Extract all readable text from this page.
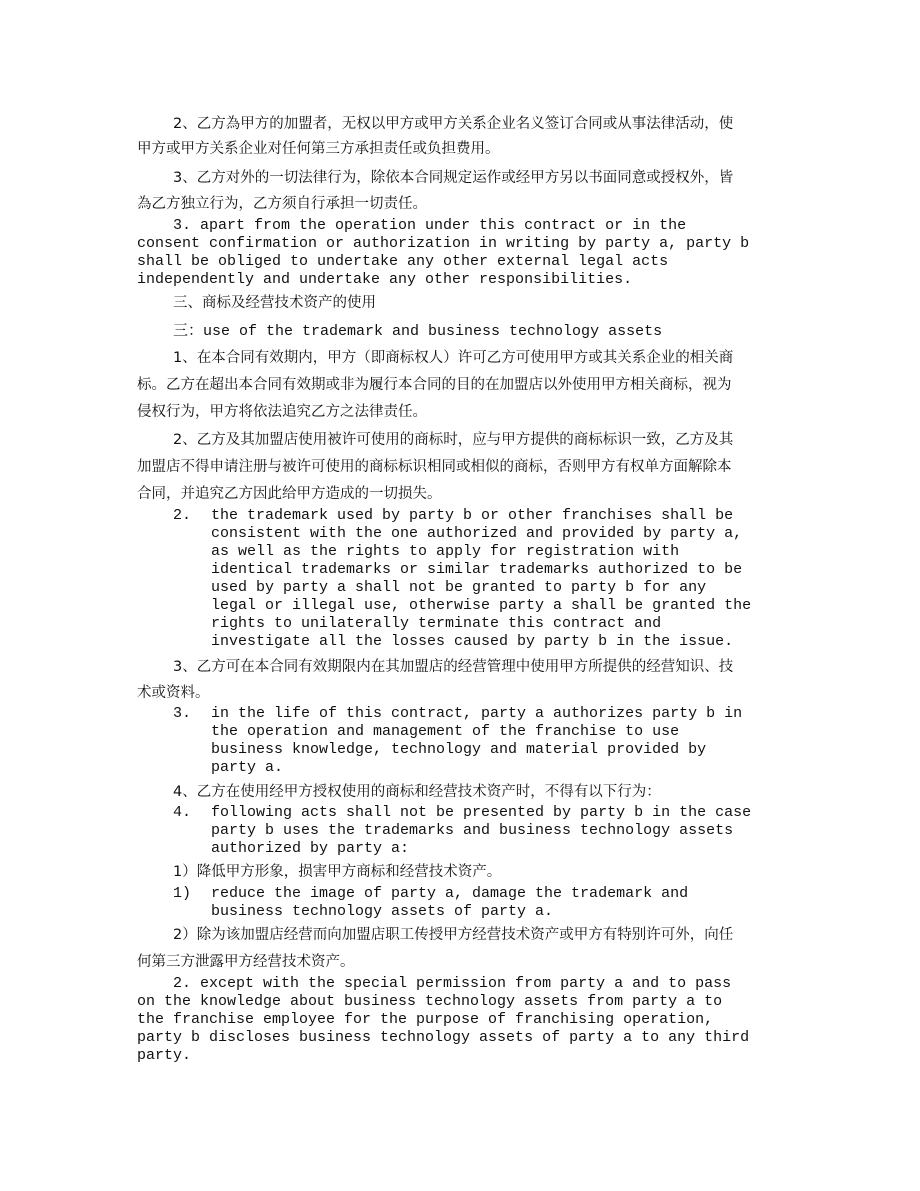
2、乙方為甲方的加盟者，无权以甲方或甲方关系企业名义签订合同或从事法律活动，使

甲方或甲方关系企业对任何第三方承担责任或负担费用。

3、乙方对外的一切法律行为，除依本合同规定运作或经甲方另以书面同意或授权外，皆

為乙方独立行为，乙方须自行承担一切责任。

3. apart from the operation under this contract or in the

consent confirmation or authorization in writing by party a, party b

shall be obliged to undertake any other external legal acts

independently and undertake any other responsibilities.

三、商标及经营技术资产的使用

三：use of the trademark and business technology assets

1、在本合同有效期内，甲方（即商标权人）许可乙方可使用甲方或其关系企业的相关商

标。乙方在超出本合同有效期或非为履行本合同的目的在加盟店以外使用甲方相关商标，视为

侵权行为，甲方将依法追究乙方之法律责任。

2、乙方及其加盟店使用被许可使用的商标时，应与甲方提供的商标标识一致，乙方及其

加盟店不得申请注册与被许可使用的商标标识相同或相似的商标，否则甲方有权单方面解除本

合同，并追究乙方因此给甲方造成的一切损失。

2. the trademark used by party b or other franchises shall be

consistent with the one authorized and provided by party a,

as well as the rights to apply for registration with

identical trademarks or similar trademarks authorized to be

used by party a shall not be granted to party b for any

legal or illegal use, otherwise party a shall be granted the

rights to unilaterally terminate this contract and

investigate all the losses caused by party b in the issue.

3、乙方可在本合同有效期限内在其加盟店的经营管理中使用甲方所提供的经营知识、技

术或资料。

3. in the life of this contract, party a authorizes party b in

the operation and management of the franchise to use

business knowledge, technology and material provided by

party a.

4、乙方在使用经甲方授权使用的商标和经营技术资产时，不得有以下行为：

4. following acts shall not be presented by party b in the case

party b uses the trademarks and business technology assets

authorized by party a:

1）降低甲方形象，损害甲方商标和经营技术资产。

1) reduce the image of party a, damage the trademark and

business technology assets of party a.

2）除为该加盟店经营而向加盟店职工传授甲方经营技术资产或甲方有特别许可外，向任

何第三方泄露甲方经营技术资产。

2. except with the special permission from party a and to pass

on the knowledge about business technology assets from party a to

the franchise employee for the purpose of franchising operation,

party b discloses business technology assets of party a to any third

party.
